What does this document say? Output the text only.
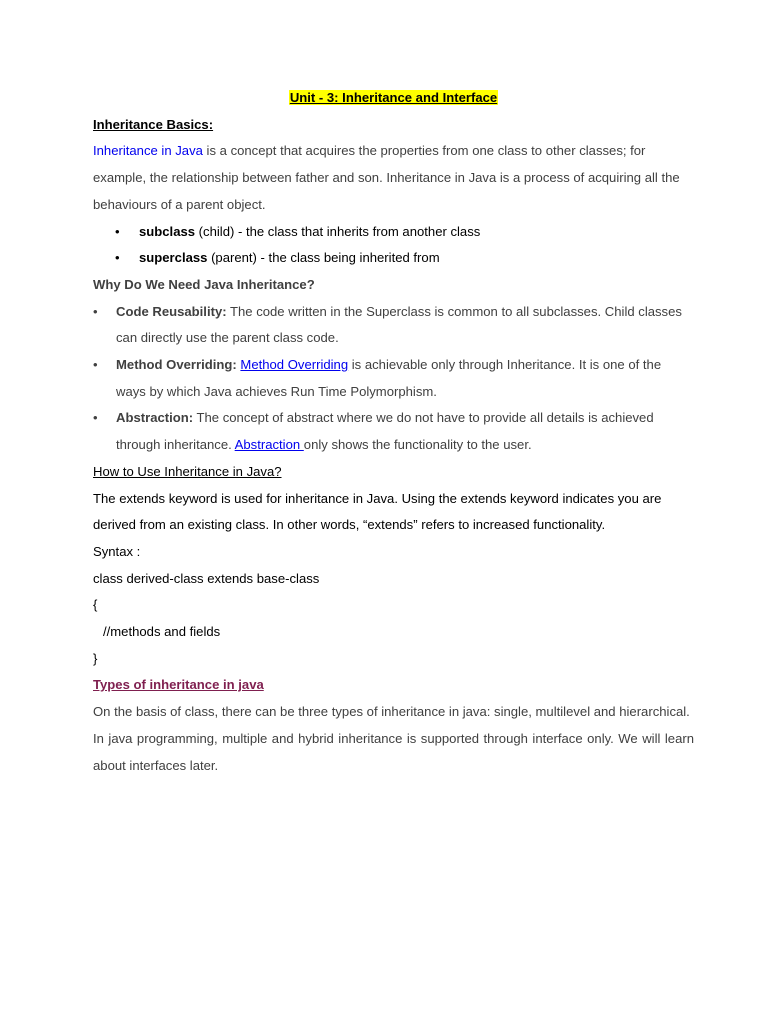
Unit - 3: Inheritance and Interface
Inheritance Basics:
Inheritance in Java is a concept that acquires the properties from one class to other classes; for example, the relationship between father and son. Inheritance in Java is a process of acquiring all the behaviours of a parent object.
• subclass (child) - the class that inherits from another class
• superclass (parent) - the class being inherited from
Why Do We Need Java Inheritance?
• Code Reusability: The code written in the Superclass is common to all subclasses. Child classes can directly use the parent class code.
• Method Overriding: Method Overriding is achievable only through Inheritance. It is one of the ways by which Java achieves Run Time Polymorphism.
• Abstraction: The concept of abstract where we do not have to provide all details is achieved through inheritance. Abstraction only shows the functionality to the user.
How to Use Inheritance in Java?
The extends keyword is used for inheritance in Java. Using the extends keyword indicates you are derived from an existing class. In other words, “extends” refers to increased functionality.
Syntax :
class derived-class extends base-class
{
//methods and fields
}
Types of inheritance in java
On the basis of class, there can be three types of inheritance in java: single, multilevel and hierarchical.
In java programming, multiple and hybrid inheritance is supported through interface only. We will learn about interfaces later.
